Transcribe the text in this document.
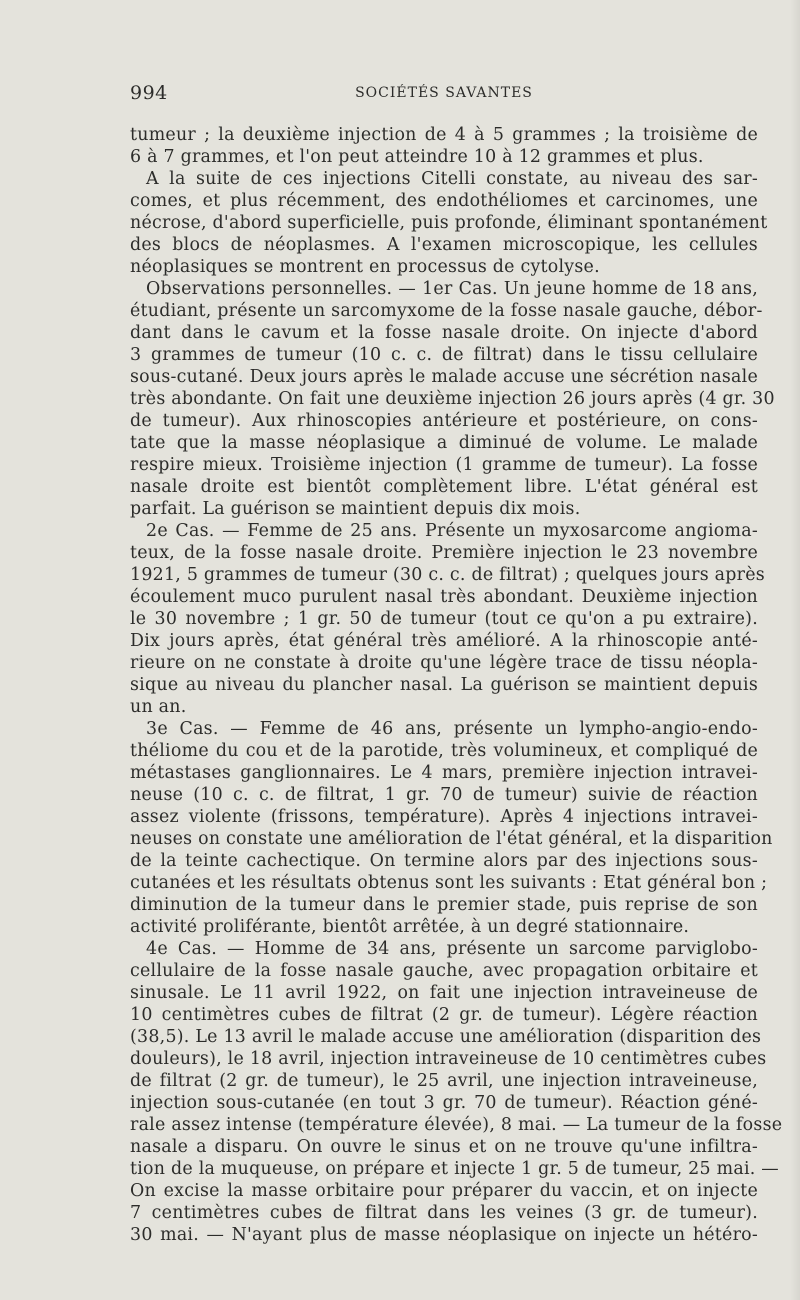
994	SOCIÉTÉS SAVANTES
tumeur ; la deuxième injection de 4 à 5 grammes ; la troisième de
6 à 7 grammes, et l'on peut atteindre 10 à 12 grammes et plus.
A la suite de ces injections Citelli constate, au niveau des sar-
comes, et plus récemment, des endothéliomes et carcinomes, une
nécrose, d'abord superficielle, puis profonde, éliminant spontanément
des blocs de néoplasmes. A l'examen microscopique, les cellules
néoplasiques se montrent en processus de cytolyse.
Observations personnelles. — 1er Cas. Un jeune homme de 18 ans,
étudiant, présente un sarcomyxome de la fosse nasale gauche, débor-
dant dans le cavum et la fosse nasale droite. On injecte d'abord
3 grammes de tumeur (10 c. c. de filtrat) dans le tissu cellulaire
sous-cutané. Deux jours après le malade accuse une sécrétion nasale
très abondante. On fait une deuxième injection 26 jours après (4 gr. 30
de tumeur). Aux rhinoscopies antérieure et postérieure, on cons-
tate que la masse néoplasique a diminué de volume. Le malade
respire mieux. Troisième injection (1 gramme de tumeur). La fosse
nasale droite est bientôt complètement libre. L'état général est
parfait. La guérison se maintient depuis dix mois.
2e Cas. — Femme de 25 ans. Présente un myxosarcome angioma-
teux, de la fosse nasale droite. Première injection le 23 novembre
1921, 5 grammes de tumeur (30 c. c. de filtrat) ; quelques jours après
écoulement muco purulent nasal très abondant. Deuxième injection
le 30 novembre ; 1 gr. 50 de tumeur (tout ce qu'on a pu extraire).
Dix jours après, état général très amélioré. A la rhinoscopie anté-
rieure on ne constate à droite qu'une légère trace de tissu néopla-
sique au niveau du plancher nasal. La guérison se maintient depuis
un an.
3e Cas. — Femme de 46 ans, présente un lympho-angio-endo-
théliome du cou et de la parotide, très volumineux, et compliqué de
métastases ganglionnaires. Le 4 mars, première injection intravei-
neuse (10 c. c. de filtrat, 1 gr. 70 de tumeur) suivie de réaction
assez violente (frissons, température). Après 4 injections intravei-
neuses on constate une amélioration de l'état général, et la disparition
de la teinte cachectique. On termine alors par des injections sous-
cutanées et les résultats obtenus sont les suivants : Etat général bon ;
diminution de la tumeur dans le premier stade, puis reprise de son
activité proliférante, bientôt arrêtée, à un degré stationnaire.
4e Cas. — Homme de 34 ans, présente un sarcome parviglobo-
cellulaire de la fosse nasale gauche, avec propagation orbitaire et
sinusale. Le 11 avril 1922, on fait une injection intraveineuse de
10 centimètres cubes de filtrat (2 gr. de tumeur). Légère réaction
(38,5). Le 13 avril le malade accuse une amélioration (disparition des
douleurs), le 18 avril, injection intraveineuse de 10 centimètres cubes
de filtrat (2 gr. de tumeur), le 25 avril, une injection intraveineuse,
injection sous-cutanée (en tout 3 gr. 70 de tumeur). Réaction géné-
rale assez intense (température élevée), 8 mai. — La tumeur de la fosse
nasale a disparu. On ouvre le sinus et on ne trouve qu'une infiltra-
tion de la muqueuse, on prépare et injecte 1 gr. 5 de tumeur, 25 mai. —
On excise la masse orbitaire pour préparer du vaccin, et on injecte
7 centimètres cubes de filtrat dans les veines (3 gr. de tumeur).
30 mai. — N'ayant plus de masse néoplasique on injecte un hétéro-
